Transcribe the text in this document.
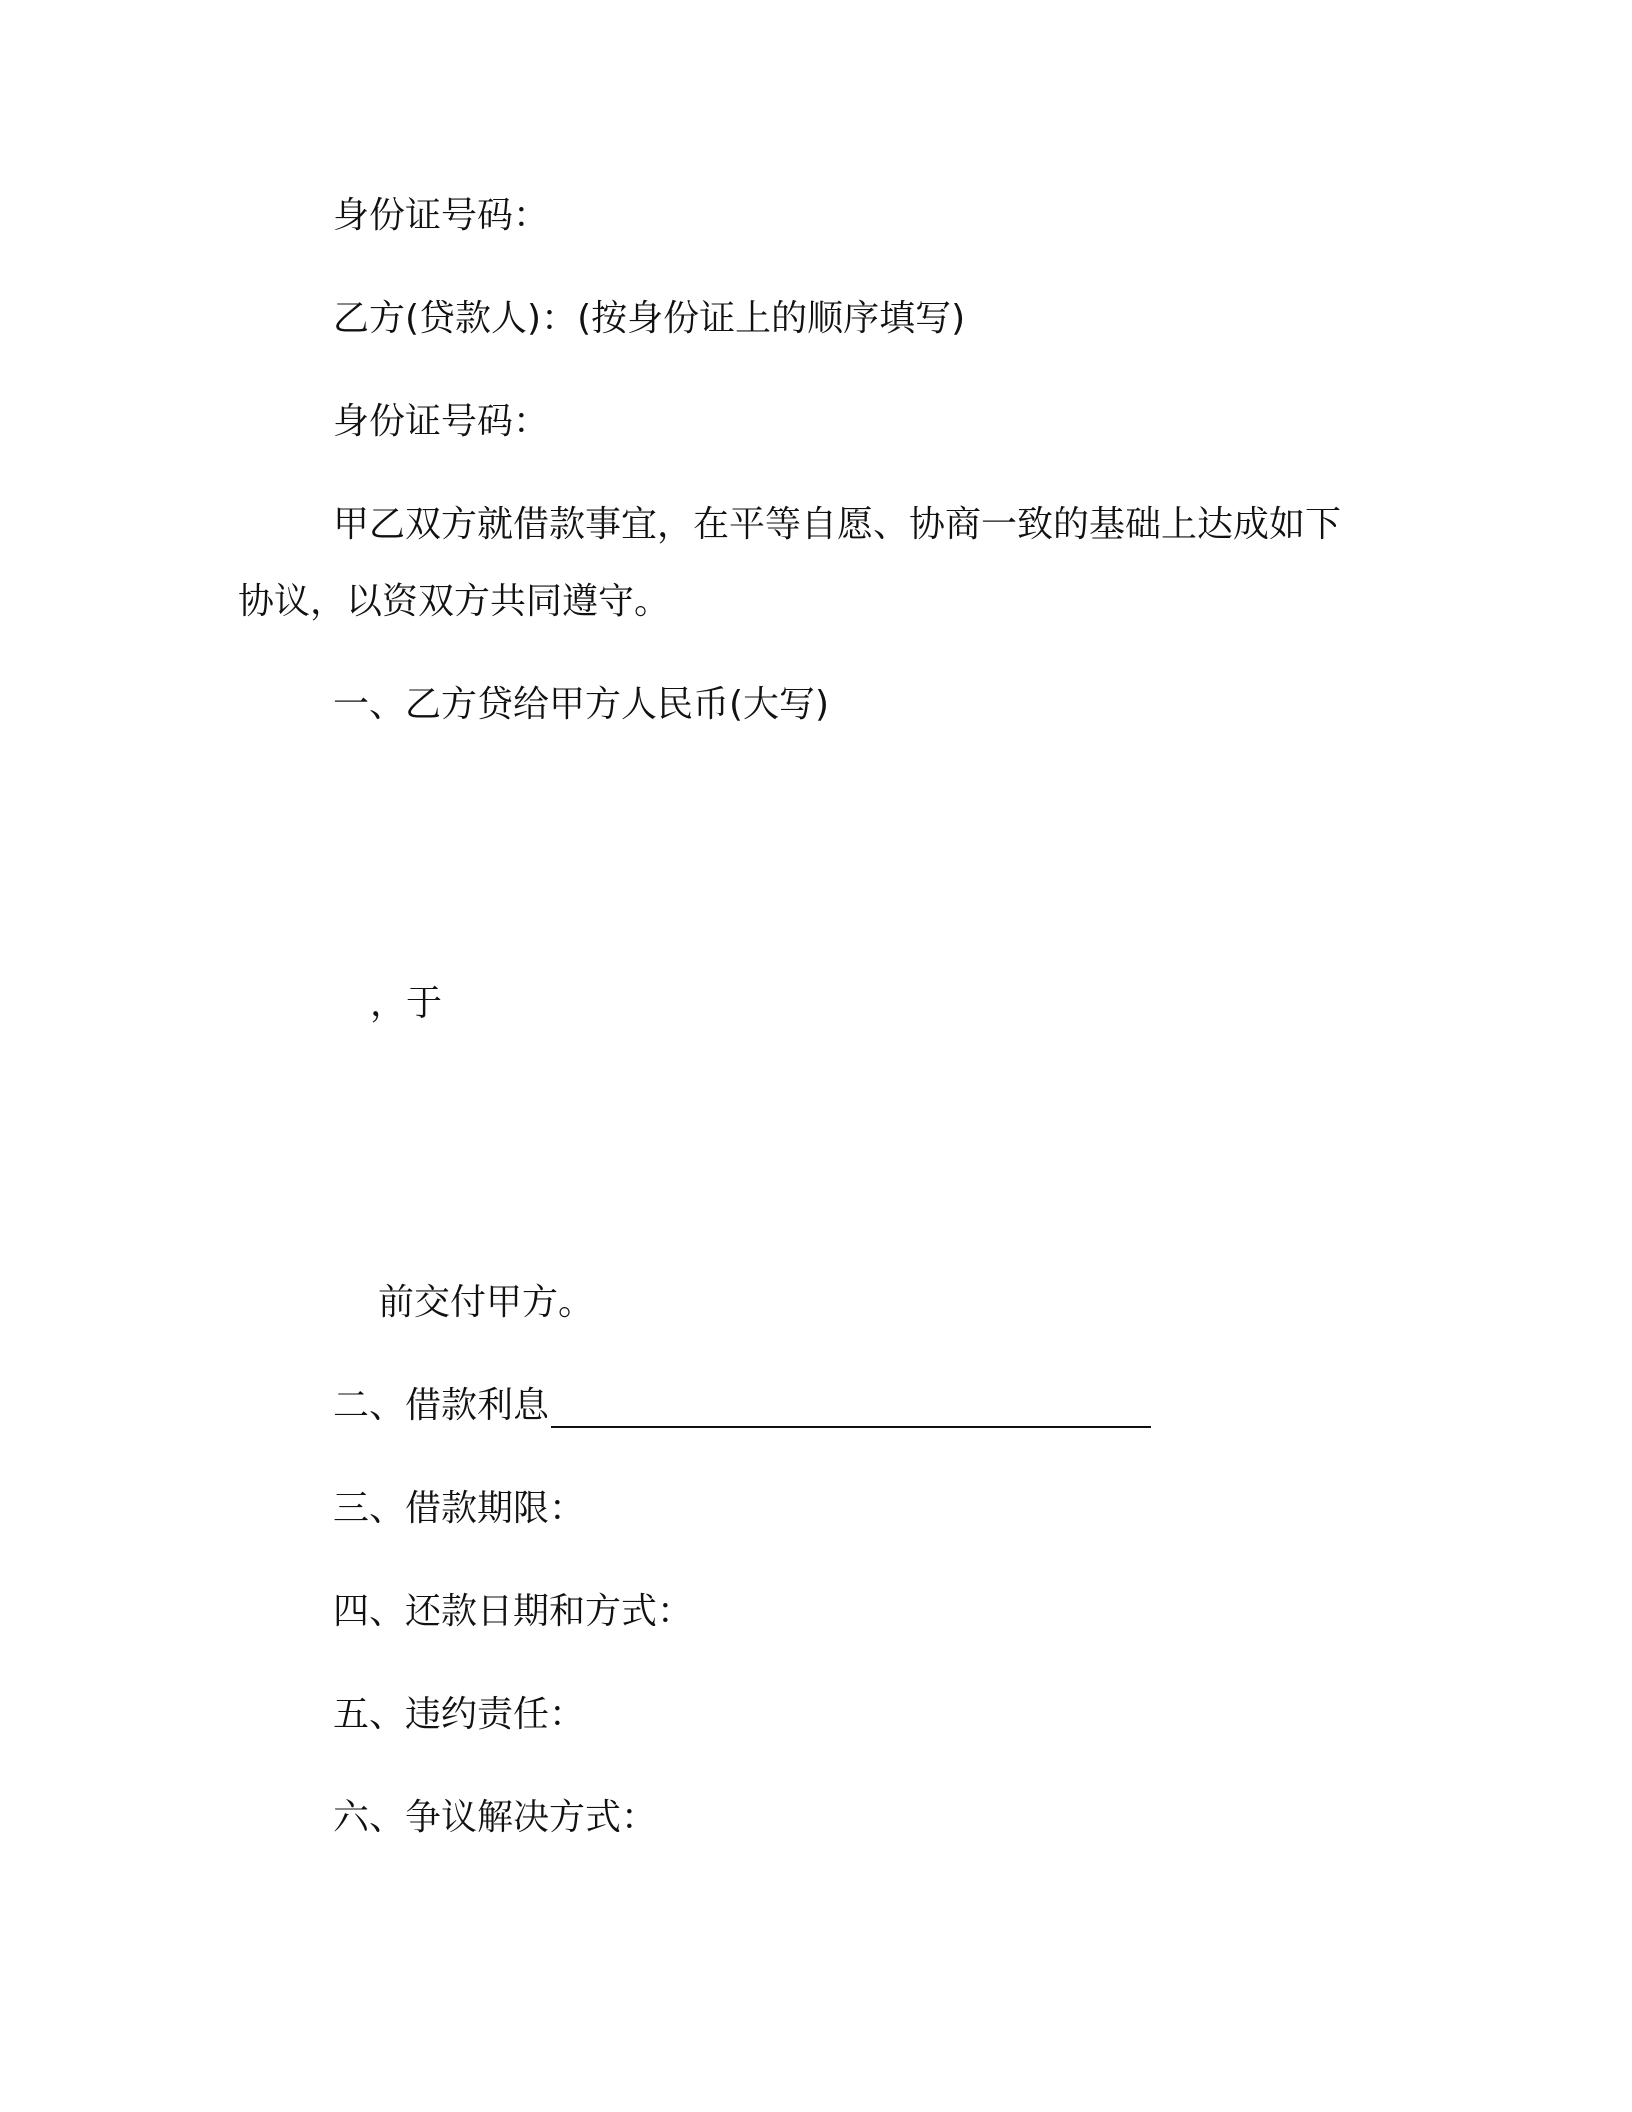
身份证号码：
乙方(贷款人)：(按身份证上的顺序填写)
身份证号码：
甲乙双方就借款事宜，在平等自愿、协商一致的基础上达成如下
协议，以资双方共同遵守。
一、乙方贷给甲方人民币(大写)
，于
前交付甲方。
二、借款利息
三、借款期限：
四、还款日期和方式：
五、违约责任：
六、争议解决方式：
